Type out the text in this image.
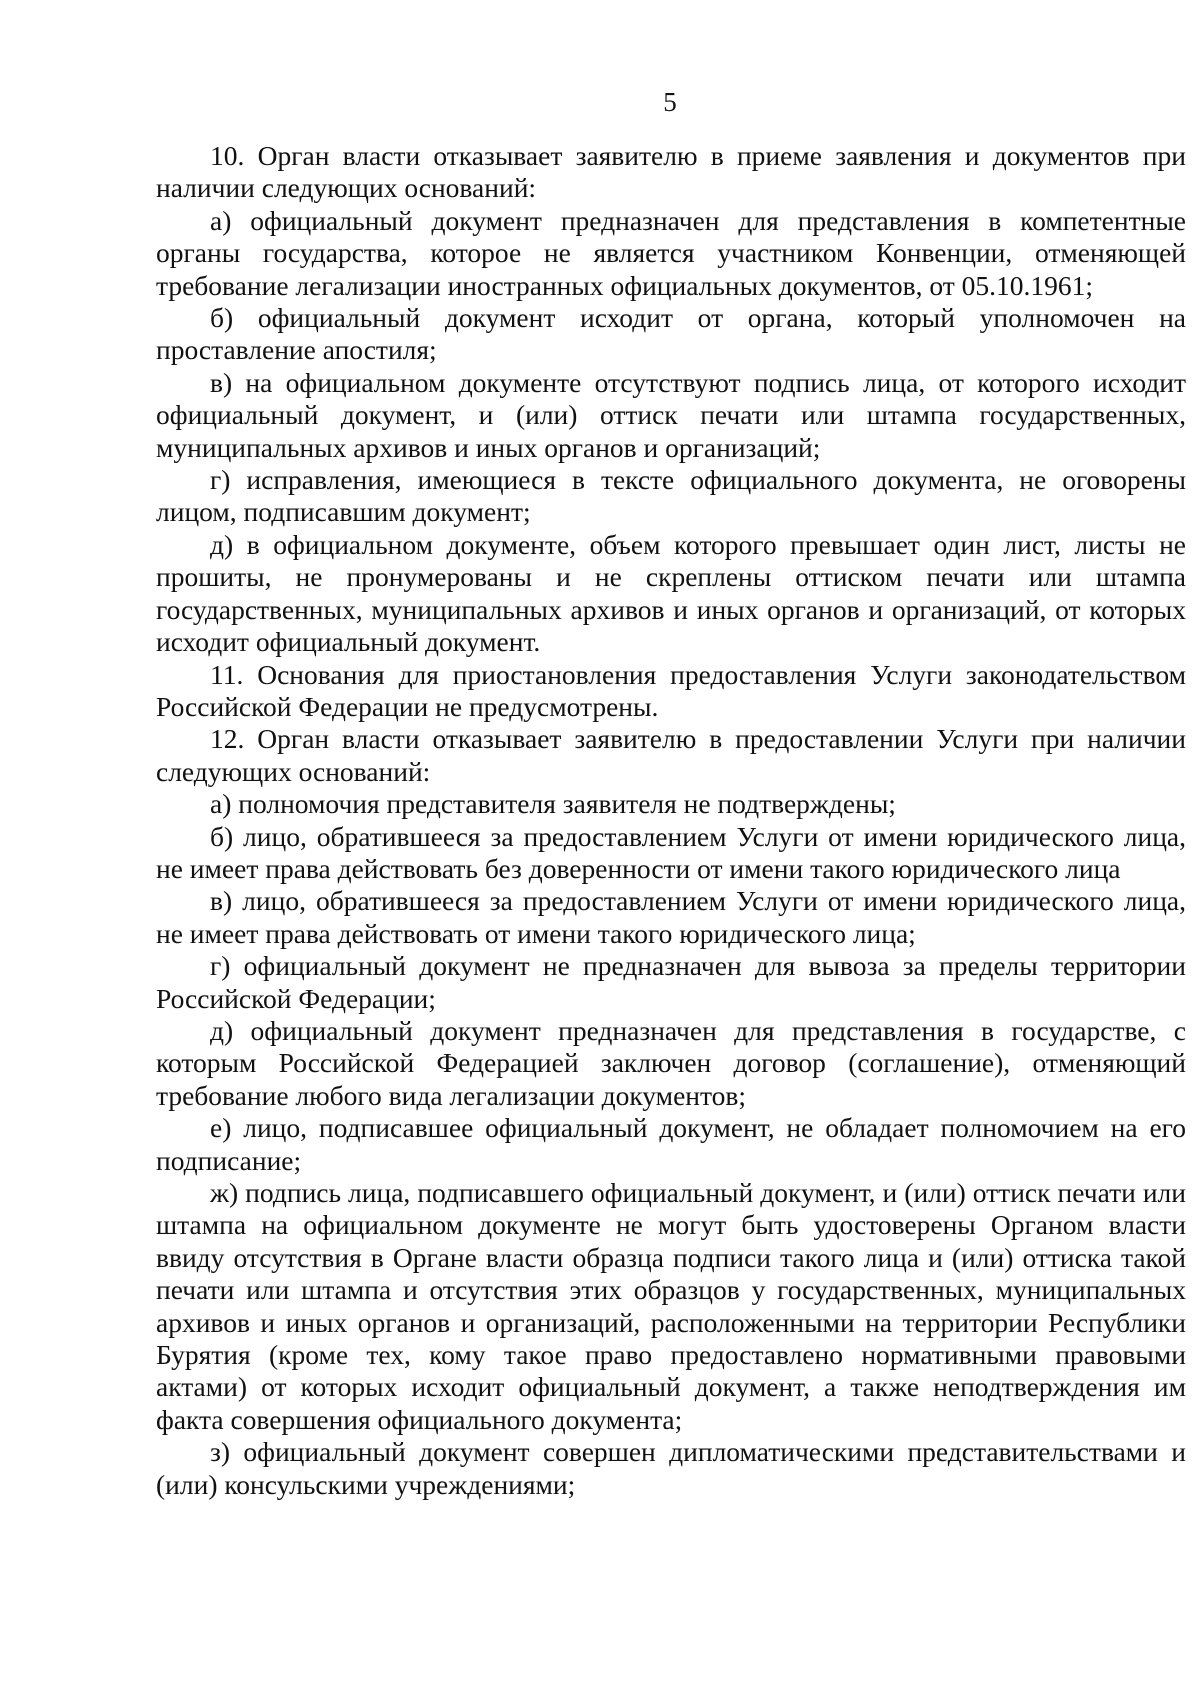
5

10. Орган власти отказывает заявителю в приеме заявления и документов при наличии следующих оснований:

а) официальный документ предназначен для представления в компетентные органы государства, которое не является участником Конвенции, отменяющей требование легализации иностранных официальных документов, от 05.10.1961;

б) официальный документ исходит от органа, который уполномочен на проставление апостиля;

в) на официальном документе отсутствуют подпись лица, от которого исходит официальный документ, и (или) оттиск печати или штампа государственных, муниципальных архивов и иных органов и организаций;

г) исправления, имеющиеся в тексте официального документа, не оговорены лицом, подписавшим документ;

д) в официальном документе, объем которого превышает один лист, листы не прошиты, не пронумерованы и не скреплены оттиском печати или штампа государственных, муниципальных архивов и иных органов и организаций, от которых исходит официальный документ.

11. Основания для приостановления предоставления Услуги законодательством Российской Федерации не предусмотрены.

12. Орган власти отказывает заявителю в предоставлении Услуги при наличии следующих оснований:

а) полномочия представителя заявителя не подтверждены;

б) лицо, обратившееся за предоставлением Услуги от имени юридического лица, не имеет права действовать без доверенности от имени такого юридического лица

в) лицо, обратившееся за предоставлением Услуги от имени юридического лица, не имеет права действовать от имени такого юридического лица;

г) официальный документ не предназначен для вывоза за пределы территории Российской Федерации;

д) официальный документ предназначен для представления в государстве, с которым Российской Федерацией заключен договор (соглашение), отменяющий требование любого вида легализации документов;

е) лицо, подписавшее официальный документ, не обладает полномочием на его подписание;

ж) подпись лица, подписавшего официальный документ, и (или) оттиск печати или штампа на официальном документе не могут быть удостоверены Органом власти ввиду отсутствия в Органе власти образца подписи такого лица и (или) оттиска такой печати или штампа и отсутствия этих образцов у государственных, муниципальных архивов и иных органов и организаций, расположенными на территории Республики Бурятия (кроме тех, кому такое право предоставлено нормативными правовыми актами) от которых исходит официальный документ, а также неподтверждения им факта совершения официального документа;

з) официальный документ совершен дипломатическими представительствами и (или) консульскими учреждениями;
